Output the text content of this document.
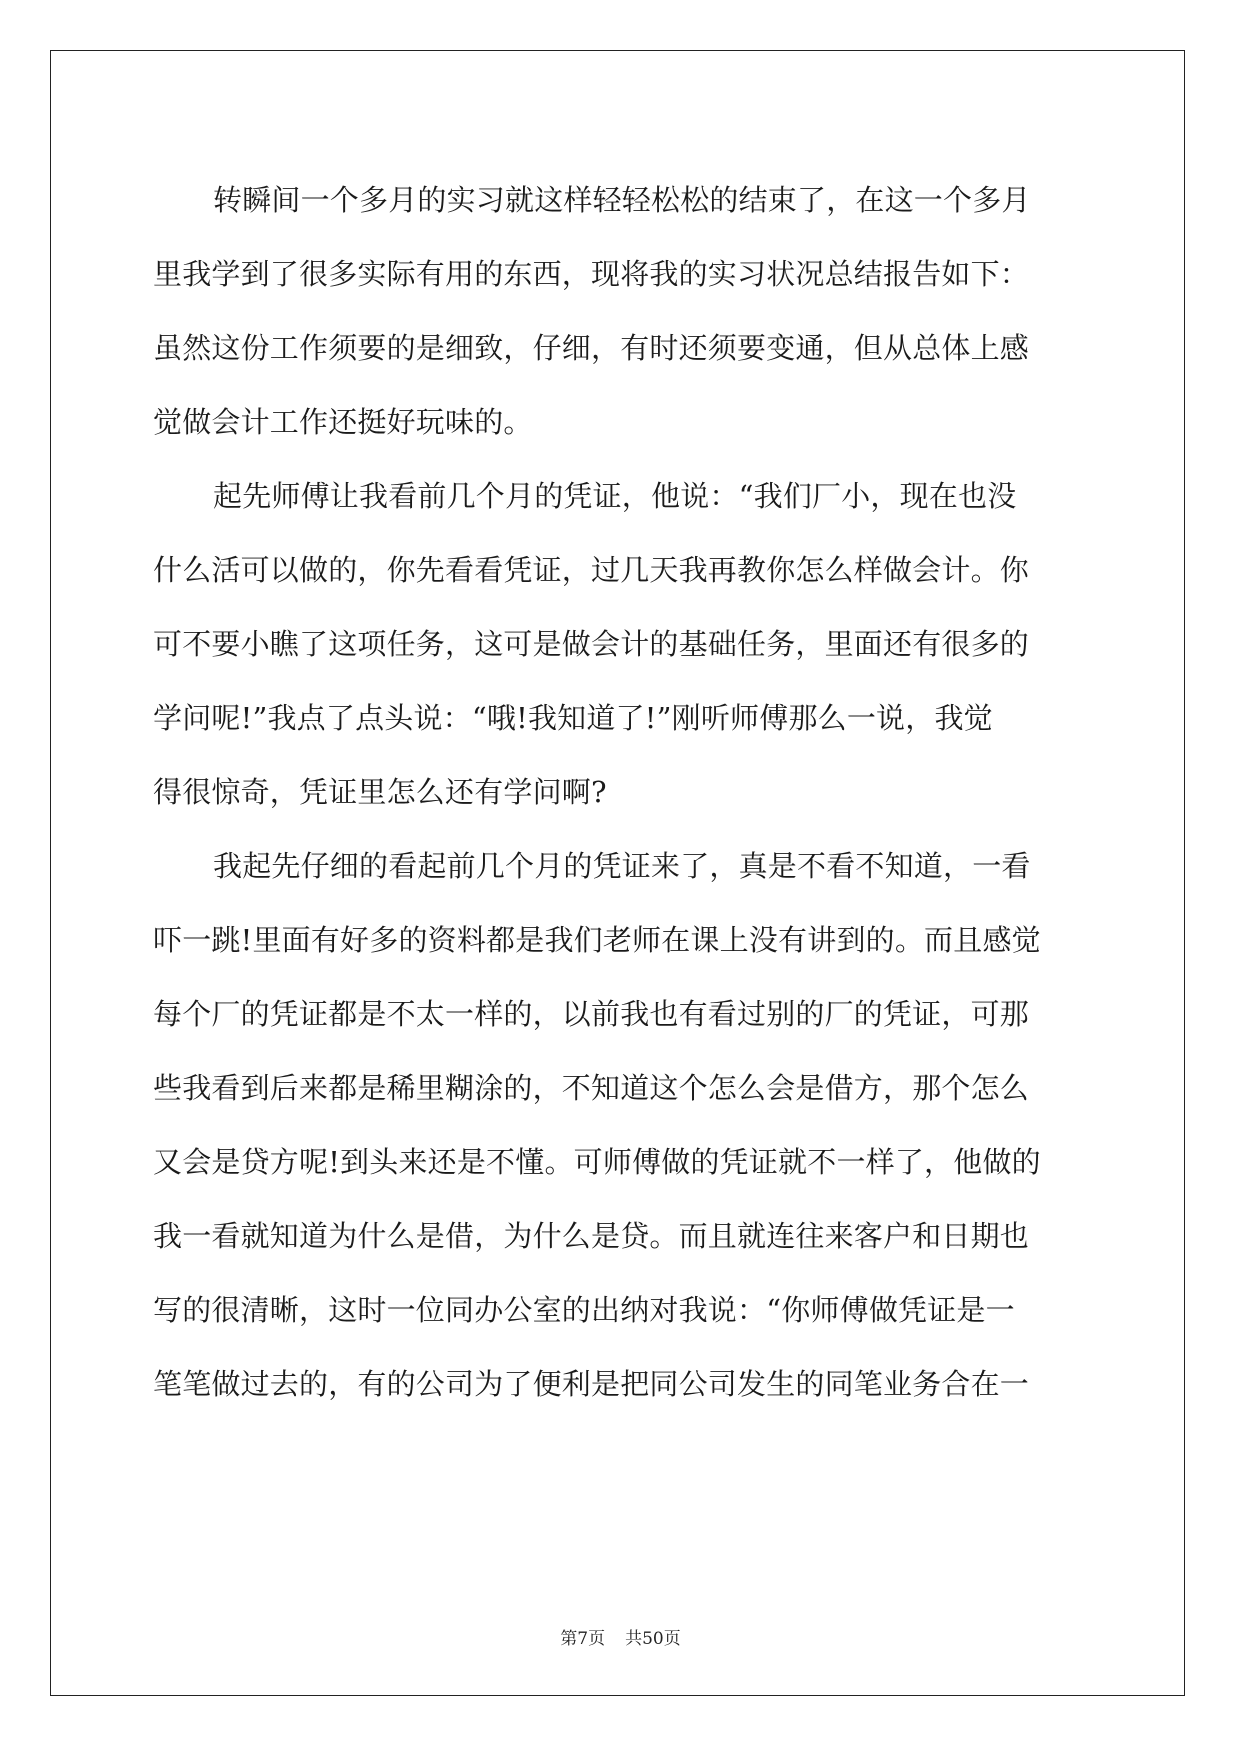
转瞬间一个多月的实习就这样轻轻松松的结束了，在这一个多月
里我学到了很多实际有用的东西，现将我的实习状况总结报告如下：
虽然这份工作须要的是细致，仔细，有时还须要变通，但从总体上感
觉做会计工作还挺好玩味的。
起先师傅让我看前几个月的凭证，他说：“我们厂小，现在也没
什么活可以做的，你先看看凭证，过几天我再教你怎么样做会计。你
可不要小瞧了这项任务，这可是做会计的基础任务，里面还有很多的
学问呢!”我点了点头说：“哦!我知道了!”刚听师傅那么一说，我觉
得很惊奇，凭证里怎么还有学问啊?
我起先仔细的看起前几个月的凭证来了，真是不看不知道，一看
吓一跳!里面有好多的资料都是我们老师在课上没有讲到的。而且感觉
每个厂的凭证都是不太一样的，以前我也有看过别的厂的凭证，可那
些我看到后来都是稀里糊涂的，不知道这个怎么会是借方，那个怎么
又会是贷方呢!到头来还是不懂。可师傅做的凭证就不一样了，他做的
我一看就知道为什么是借，为什么是贷。而且就连往来客户和日期也
写的很清晰，这时一位同办公室的出纳对我说：“你师傅做凭证是一
笔笔做过去的，有的公司为了便利是把同公司发生的同笔业务合在一
第7页 共50页
